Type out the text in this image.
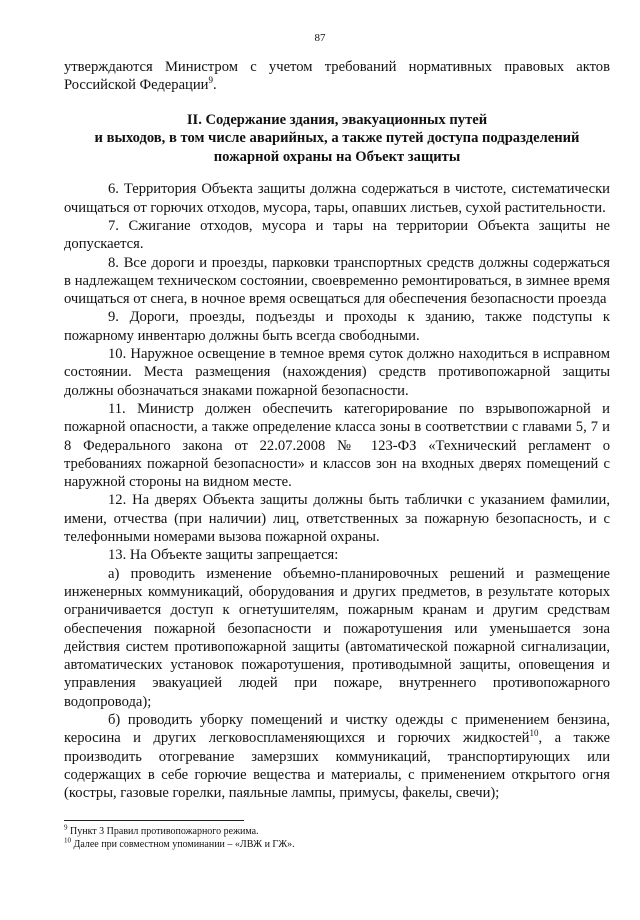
87

утверждаются Министром с учетом требований нормативных правовых актов Российской Федерации$^9$.

II. Содержание здания, эвакуационных путей
и выходов, в том числе аварийных, а также путей доступа подразделений
пожарной охраны на Объект защиты

6. Территория Объекта защиты должна содержаться в чистоте, систематически очищаться от горючих отходов, мусора, тары, опавших листьев, сухой растительности.

7. Сжигание отходов, мусора и тары на территории Объекта защиты не допускается.

8. Все дороги и проезды, парковки транспортных средств должны содержаться в надлежащем техническом состоянии, своевременно ремонтироваться, в зимнее время очищаться от снега, в ночное время освещаться для обеспечения безопасности проезда

9. Дороги, проезды, подъезды и проходы к зданию, также подступы к пожарному инвентарю должны быть всегда свободными.

10. Наружное освещение в темное время суток должно находиться в исправном состоянии. Места размещения (нахождения) средств противопожарной защиты должны обозначаться знаками пожарной безопасности.

11. Министр должен обеспечить категорирование по взрывопожарной и пожарной опасности, а также определение класса зоны в соответствии с главами 5, 7 и 8 Федерального закона от 22.07.2008 № 123-ФЗ «Технический регламент о требованиях пожарной безопасности» и классов зон на входных дверях помещений с наружной стороны на видном месте.

12. На дверях Объекта защиты должны быть таблички с указанием фамилии, имени, отчества (при наличии) лиц, ответственных за пожарную безопасность, и с телефонными номерами вызова пожарной охраны.

13. На Объекте защиты запрещается:

а) проводить изменение объемно-планировочных решений и размещение инженерных коммуникаций, оборудования и других предметов, в результате которых ограничивается доступ к огнетушителям, пожарным кранам и другим средствам обеспечения пожарной безопасности и пожаротушения или уменьшается зона действия систем противопожарной защиты (автоматической пожарной сигнализации, автоматических установок пожаротушения, противодымной защиты, оповещения и управления эвакуацией людей при пожаре, внутреннего противопожарного водопровода);

б) проводить уборку помещений и чистку одежды с применением бензина, керосина и других легковоспламеняющихся и горючих жидкостей$^{10}$, а также производить отогревание замерзших коммуникаций, транспортирующих или содержащих в себе горючие вещества и материалы, с применением открытого огня (костры, газовые горелки, паяльные лампы, примусы, факелы, свечи);

$^9$ Пункт 3 Правил противопожарного режима.
$^{10}$ Далее при совместном упоминании – «ЛВЖ и ГЖ».
